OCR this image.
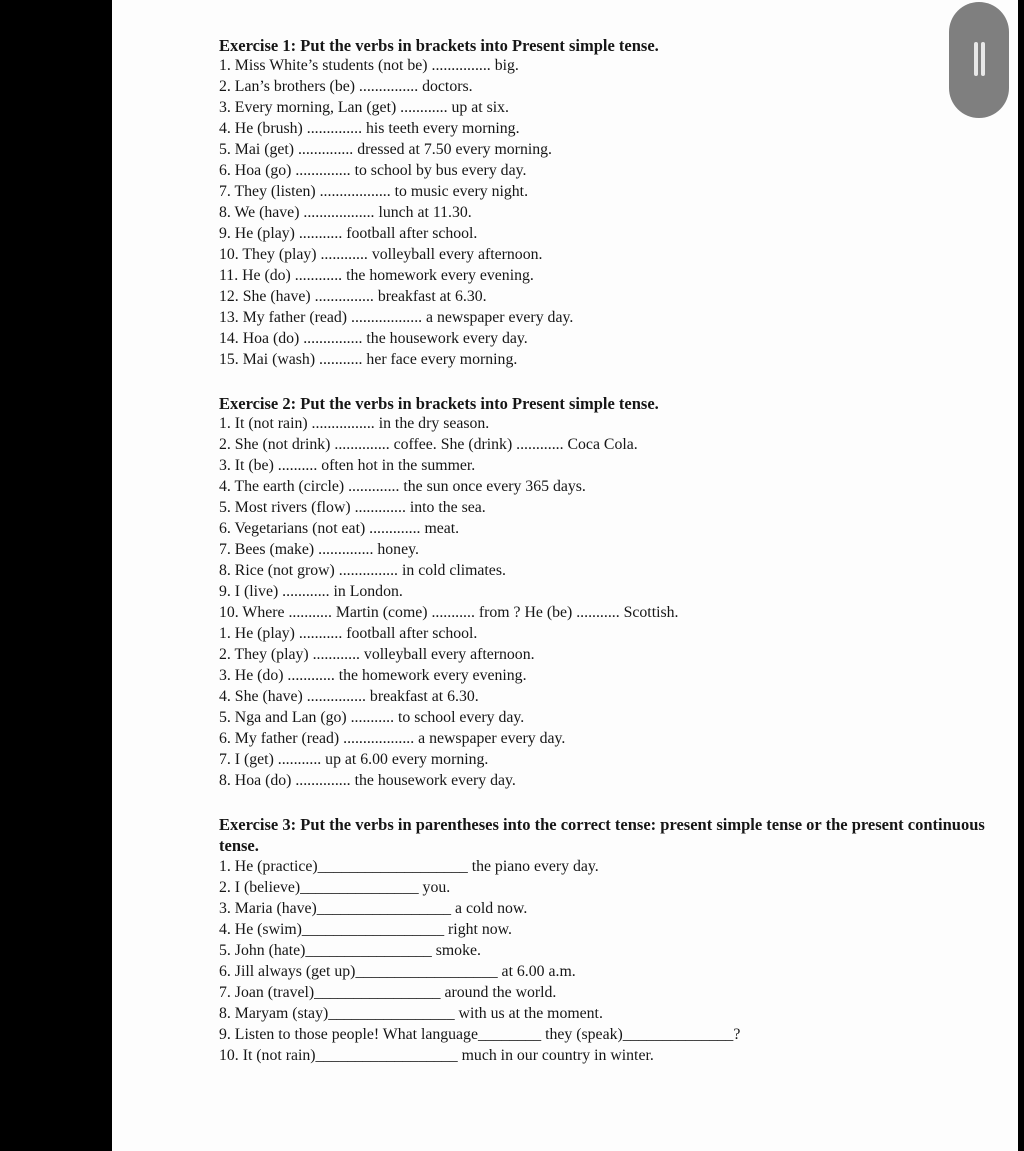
Exercise 1: Put the verbs in brackets into Present simple tense.
1. Miss White’s students (not be) ............... big.
2. Lan’s brothers (be) ............... doctors.
3. Every morning, Lan (get) ............ up at six.
4. He (brush) .............. his teeth every morning.
5. Mai (get) .............. dressed at 7.50 every morning.
6. Hoa (go) .............. to school by bus every day.
7. They (listen) .................. to music every night.
8. We (have) .................. lunch at 11.30.
9. He (play) ........... football after school.
10. They (play) ............ volleyball every afternoon.
11. He (do) ............ the homework every evening.
12. She (have) ............... breakfast at 6.30.
13. My father (read) .................. a newspaper every day.
14. Hoa (do) ............... the housework every day.
15. Mai (wash) ........... her face every morning.
Exercise 2: Put the verbs in brackets into Present simple tense.
1. It (not rain) ................ in the dry season.
2. She (not drink) .............. coffee. She (drink) ............ Coca Cola.
3. It (be) .......... often hot in the summer.
4. The earth (circle) ............. the sun once every 365 days.
5. Most rivers (flow) ............. into the sea.
6. Vegetarians (not eat) ............. meat.
7. Bees (make) .............. honey.
8. Rice (not grow) ............... in cold climates.
9. I (live) ............ in London.
10. Where ........... Martin (come) ........... from ? He (be) ........... Scottish.
1. He (play) ........... football after school.
2. They (play) ............ volleyball every afternoon.
3. He (do) ............ the homework every evening.
4. She (have) ............... breakfast at 6.30.
5. Nga and Lan (go) ........... to school every day.
6. My father (read) .................. a newspaper every day.
7. I (get) ........... up at 6.00 every morning.
8. Hoa (do) .............. the housework every day.
Exercise 3: Put the verbs in parentheses into the correct tense: present simple tense or the present continuous tense.
1. He (practice)___________________ the piano every day.
2. I (believe)_______________ you.
3. Maria (have)_________________ a cold now.
4. He (swim)__________________ right now.
5. John (hate)________________ smoke.
6. Jill always (get up)__________________ at 6.00 a.m.
7. Joan (travel)________________ around the world.
8. Maryam (stay)________________ with us at the moment.
9. Listen to those people! What language________ they (speak)______________?
10. It (not rain)__________________ much in our country in winter.
